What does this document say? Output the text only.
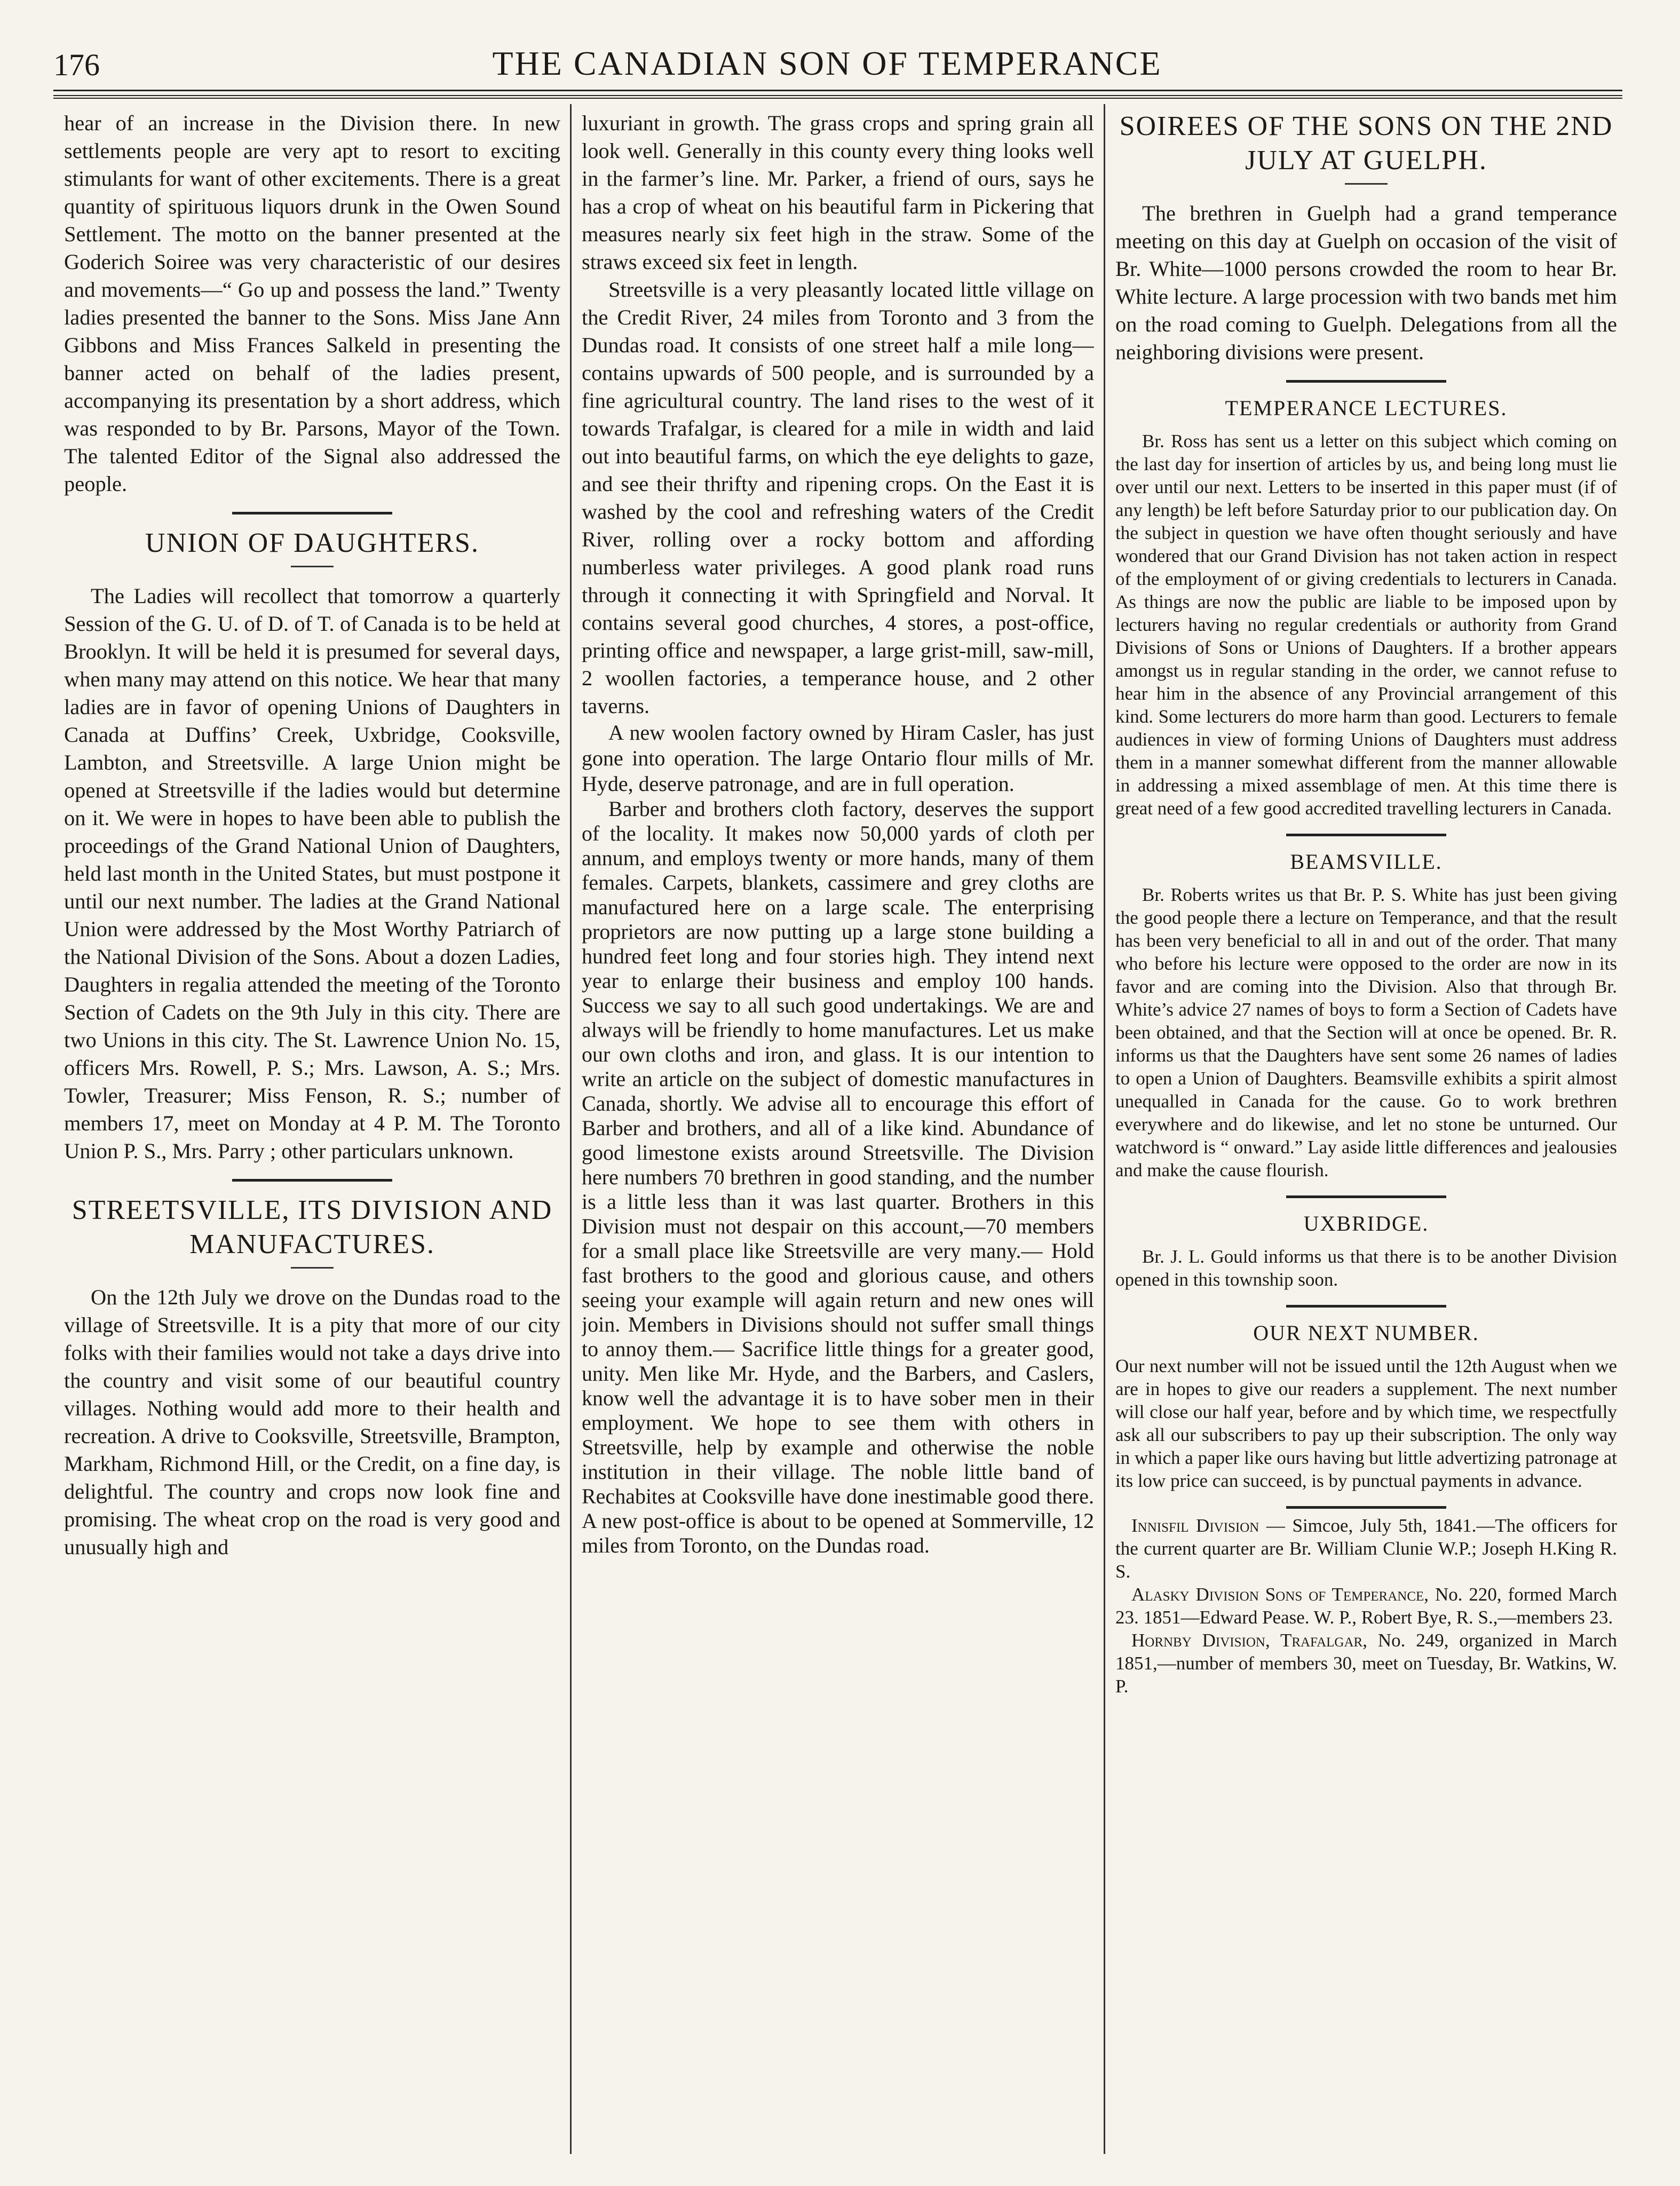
176	THE CANADIAN SON OF TEMPERANCE

hear of an increase in the Division there. In new settlements people are very apt to resort to exciting stimulants for want of other excitements. There is a great quantity of spirituous liquors drunk in the Owen Sound Settlement. The motto on the banner presented at the Goderich Soiree was very characteristic of our desires and movements—“ Go up and possess the land.” Twenty ladies presented the banner to the Sons. Miss Jane Ann Gibbons and Miss Frances Salkeld in presenting the banner acted on behalf of the ladies present, accompanying its presentation by a short address, which was responded to by Br. Parsons, Mayor of the Town. The talented Editor of the Signal also addressed the people.

UNION OF DAUGHTERS.

The Ladies will recollect that tomorrow a quarterly Session of the G. U. of D. of T. of Canada is to be held at Brooklyn. It will be held it is presumed for several days, when many may attend on this notice. We hear that many ladies are in favor of opening Unions of Daughters in Canada at Duffins’ Creek, Uxbridge, Cooksville, Lambton, and Streetsville. A large Union might be opened at Streetsville if the ladies would but determine on it. We were in hopes to have been able to publish the proceedings of the Grand National Union of Daughters, held last month in the United States, but must postpone it until our next number. The ladies at the Grand National Union were addressed by the Most Worthy Patriarch of the National Division of the Sons. About a dozen Ladies, Daughters in regalia attended the meeting of the Toronto Section of Cadets on the 9th July in this city. There are two Unions in this city. The St. Lawrence Union No. 15, officers Mrs. Rowell, P. S.; Mrs. Lawson, A. S.; Mrs. Towler, Treasurer; Miss Fenson, R. S.; number of members 17, meet on Monday at 4 P. M. The Toronto Union P. S., Mrs. Parry ; other particulars unknown.

STREETSVILLE, ITS DIVISION AND MANUFACTURES.

On the 12th July we drove on the Dundas road to the village of Streetsville. It is a pity that more of our city folks with their families would not take a days drive into the country and visit some of our beautiful country villages. Nothing would add more to their health and recreation. A drive to Cooksville, Streetsville, Brampton, Markham, Richmond Hill, or the Credit, on a fine day, is delightful. The country and crops now look fine and promising. The wheat crop on the road is very good and unusually high and

luxuriant in growth. The grass crops and spring grain all look well. Generally in this county every thing looks well in the farmer’s line. Mr. Parker, a friend of ours, says he has a crop of wheat on his beautiful farm in Pickering that measures nearly six feet high in the straw. Some of the straws exceed six feet in length.

Streetsville is a very pleasantly located little village on the Credit River, 24 miles from Toronto and 3 from the Dundas road. It consists of one street half a mile long—contains upwards of 500 people, and is surrounded by a fine agricultural country. The land rises to the west of it towards Trafalgar, is cleared for a mile in width and laid out into beautiful farms, on which the eye delights to gaze, and see their thrifty and ripening crops. On the East it is washed by the cool and refreshing waters of the Credit River, rolling over a rocky bottom and affording numberless water privileges. A good plank road runs through it connecting it with Springfield and Norval. It contains several good churches, 4 stores, a post-office, printing office and newspaper, a large grist-mill, saw-mill, 2 woollen factories, a temperance house, and 2 other taverns.

A new woolen factory owned by Hiram Casler, has just gone into operation. The large Ontario flour mills of Mr. Hyde, deserve patronage, and are in full operation.

Barber and brothers cloth factory, deserves the support of the locality. It makes now 50,000 yards of cloth per annum, and employs twenty or more hands, many of them females. Carpets, blankets, cassimere and grey cloths are manufactured here on a large scale. The enterprising proprietors are now putting up a large stone building a hundred feet long and four stories high. They intend next year to enlarge their business and employ 100 hands. Success we say to all such good undertakings. We are and always will be friendly to home manufactures. Let us make our own cloths and iron, and glass. It is our intention to write an article on the subject of domestic manufactures in Canada, shortly. We advise all to encourage this effort of Barber and brothers, and all of a like kind. Abundance of good limestone exists around Streetsville. The Division here numbers 70 brethren in good standing, and the number is a little less than it was last quarter. Brothers in this Division must not despair on this account,—70 members for a small place like Streetsville are very many.— Hold fast brothers to the good and glorious cause, and others seeing your example will again return and new ones will join. Members in Divisions should not suffer small things to annoy them.— Sacrifice little things for a greater good, unity. Men like Mr. Hyde, and the Barbers, and Caslers, know well the advantage it is to have sober men in their employment. We hope to see them with others in Streetsville, help by example and otherwise the noble institution in their village. The noble little band of Rechabites at Cooksville have done inestimable good there. A new post-office is about to be opened at Sommerville, 12 miles from Toronto, on the Dundas road.

SOIREES OF THE SONS ON THE 2ND JULY AT GUELPH.

The brethren in Guelph had a grand temperance meeting on this day at Guelph on occasion of the visit of Br. White—1000 persons crowded the room to hear Br. White lecture. A large procession with two bands met him on the road coming to Guelph. Delegations from all the neighboring divisions were present.

TEMPERANCE LECTURES.

Br. Ross has sent us a letter on this subject which coming on the last day for insertion of articles by us, and being long must lie over until our next. Letters to be inserted in this paper must (if of any length) be left before Saturday prior to our publication day. On the subject in question we have often thought seriously and have wondered that our Grand Division has not taken action in respect of the employment of or giving credentials to lecturers in Canada. As things are now the public are liable to be imposed upon by lecturers having no regular credentials or authority from Grand Divisions of Sons or Unions of Daughters. If a brother appears amongst us in regular standing in the order, we cannot refuse to hear him in the absence of any Provincial arrangement of this kind. Some lecturers do more harm than good. Lecturers to female audiences in view of forming Unions of Daughters must address them in a manner somewhat different from the manner allowable in addressing a mixed assemblage of men. At this time there is great need of a few good accredited travelling lecturers in Canada.

BEAMSVILLE.

Br. Roberts writes us that Br. P. S. White has just been giving the good people there a lecture on Temperance, and that the result has been very beneficial to all in and out of the order. That many who before his lecture were opposed to the order are now in its favor and are coming into the Division. Also that through Br. White’s advice 27 names of boys to form a Section of Cadets have been obtained, and that the Section will at once be opened. Br. R. informs us that the Daughters have sent some 26 names of ladies to open a Union of Daughters. Beamsville exhibits a spirit almost unequalled in Canada for the cause. Go to work brethren everywhere and do likewise, and let no stone be unturned. Our watchword is “ onward.” Lay aside little differences and jealousies and make the cause flourish.

UXBRIDGE.

Br. J. L. Gould informs us that there is to be another Division opened in this township soon.

OUR NEXT NUMBER.

Our next number will not be issued until the 12th August when we are in hopes to give our readers a supplement. The next number will close our half year, before and by which time, we respectfully ask all our subscribers to pay up their subscription. The only way in which a paper like ours having but little advertizing patronage at its low price can succeed, is by punctual payments in advance.

Innisfil Division — Simcoe, July 5th, 1841.—The officers for the current quarter are Br. William Clunie W.P.; Joseph H.King R. S.

Alasky Division Sons of Temperance, No. 220, formed March 23. 1851—Edward Pease. W. P., Robert Bye, R. S.,—members 23.

Hornby Division, Trafalgar, No. 249, organized in March 1851,—number of members 30, meet on Tuesday, Br. Watkins, W. P.
